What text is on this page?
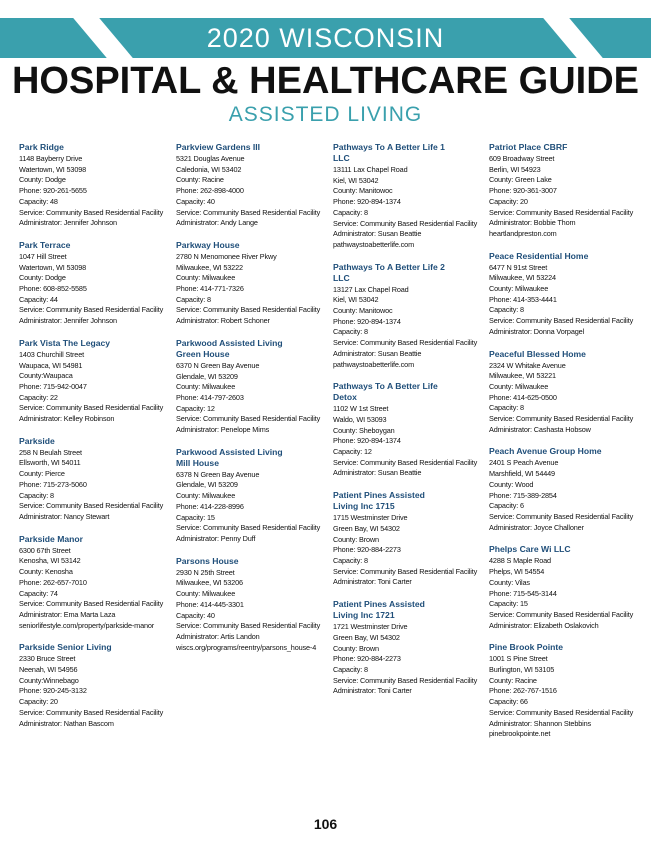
2020 WISCONSIN
HOSPITAL & HEALTHCARE GUIDE
ASSISTED LIVING
Park Ridge
1148 Bayberry Drive
Watertown, WI 53098
County: Dodge
Phone: 920-261-5655
Capacity: 48
Service: Community Based Residential Facility
Administrator: Jennifer Johnson
Park Terrace
1047 Hill Street
Watertown, WI 53098
County: Dodge
Phone: 608-852-5585
Capacity: 44
Service: Community Based Residential Facility
Administrator: Jennifer Johnson
Park Vista The Legacy
1403 Churchill Street
Waupaca, WI 54981
County:Waupaca
Phone: 715-942-0047
Capacity: 22
Service: Community Based Residential Facility
Administrator: Kelley Robinson
Parkside
258 N Beulah Street
Ellsworth, WI 54011
County: Pierce
Phone: 715-273-5060
Capacity: 8
Service: Community Based Residential Facility
Administrator: Nancy Stewart
Parkside Manor
6300 67th Street
Kenosha, WI 53142
County: Kenosha
Phone: 262-657-7010
Capacity: 74
Service: Community Based Residential Facility
Administrator: Ema Marta Laza
seniorlifestyle.com/property/parkside-manor
Parkside Senior Living
2330 Bruce Street
Neenah, WI 54956
County:Winnebago
Phone: 920-245-3132
Capacity: 20
Service: Community Based Residential Facility
Administrator: Nathan Bascom
Parkview Gardens III
5321 Douglas Avenue
Caledonia, WI 53402
County: Racine
Phone: 262-898-4000
Capacity: 40
Service: Community Based Residential Facility
Administrator: Andy Lange
Parkway House
2780 N Menomonee River Pkwy
Milwaukee, WI 53222
County: Milwaukee
Phone: 414-771-7326
Capacity: 8
Service: Community Based Residential Facility
Administrator: Robert Schoner
Parkwood Assisted Living Green House
6370 N Green Bay Avenue
Glendale, WI 53209
County: Milwaukee
Phone: 414-797-2603
Capacity: 12
Service: Community Based Residential Facility
Administrator: Penelope Mims
Parkwood Assisted Living Mill House
6378 N Green Bay Avenue
Glendale, WI 53209
County: Milwaukee
Phone: 414-228-8996
Capacity: 15
Service: Community Based Residential Facility
Administrator: Penny Duff
Parsons House
2930 N 25th Street
Milwaukee, WI 53206
County: Milwaukee
Phone: 414-445-3301
Capacity: 40
Service: Community Based Residential Facility
Administrator: Artis Landon
wiscs.org/programs/reentry/parsons_house-4
Pathways To A Better Life 1 LLC
13111 Lax Chapel Road
Kiel, WI 53042
County: Manitowoc
Phone: 920-894-1374
Capacity: 8
Service: Community Based Residential Facility
Administrator: Susan Beattie
pathwaystoabetterlife.com
Pathways To A Better Life 2 LLC
13127 Lax Chapel Road
Kiel, WI 53042
County: Manitowoc
Phone: 920-894-1374
Capacity: 8
Service: Community Based Residential Facility
Administrator: Susan Beattie
pathwaystoabetterlife.com
Pathways To A Better Life Detox
1102 W 1st Street
Waldo, WI 53093
County: Sheboygan
Phone: 920-894-1374
Capacity: 12
Service: Community Based Residential Facility
Administrator: Susan Beattie
Patient Pines Assisted Living Inc 1715
1715 Westminster Drive
Green Bay, WI 54302
County: Brown
Phone: 920-884-2273
Capacity: 8
Service: Community Based Residential Facility
Administrator: Toni Carter
Patient Pines Assisted Living Inc 1721
1721 Westminster Drive
Green Bay, WI 54302
County: Brown
Phone: 920-884-2273
Capacity: 8
Service: Community Based Residential Facility
Administrator: Toni Carter
Patriot Place CBRF
609 Broadway Street
Berlin, WI 54923
County: Green Lake
Phone: 920-361-3007
Capacity: 20
Service: Community Based Residential Facility
Administrator: Bobbie Thom
heartlandpreston.com
Peace Residential Home
6477 N 91st Street
Milwaukee, WI 53224
County: Milwaukee
Phone: 414-353-4441
Capacity: 8
Service: Community Based Residential Facility
Administrator: Donna Vorpagel
Peaceful Blessed Home
2324 W Whitake Avenue
Milwaukee, WI 53221
County: Milwaukee
Phone: 414-625-0500
Capacity: 8
Service: Community Based Residential Facility
Administrator: Cashasta Hobsow
Peach Avenue Group Home
2401 S Peach Avenue
Marshfield, WI 54449
County: Wood
Phone: 715-389-2854
Capacity: 6
Service: Community Based Residential Facility
Administrator: Joyce Challoner
Phelps Care Wi LLC
4288 S Maple Road
Phelps, WI 54554
County: Vilas
Phone: 715-545-3144
Capacity: 15
Service: Community Based Residential Facility
Administrator: Elizabeth Oslakovich
Pine Brook Pointe
1001 S Pine Street
Burlington, WI 53105
County: Racine
Phone: 262-767-1516
Capacity: 66
Service: Community Based Residential Facility
Administrator: Shannon Stebbins
pinebrookpointe.net
106
